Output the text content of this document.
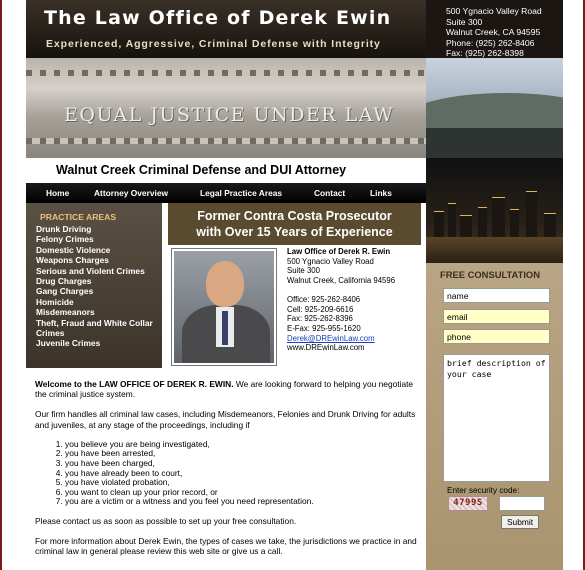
The Law Office of Derek Ewin
Experienced, Aggressive, Criminal Defense with Integrity
500 Ygnacio Valley Road
Suite 300
Walnut Creek, CA 94595
Phone: (925) 262-8406
Fax: (925) 262-8398
EQUAL JUSTICE UNDER LAW
Walnut Creek Criminal Defense and DUI Attorney
Home	Attorney Overview	Legal Practice Areas	Contact	Links
PRACTICE AREAS
Drunk Driving
Felony Crimes
Domestic Violence
Weapons Charges
Serious and Violent Crimes
Drug Charges
Gang Charges
Homicide
Misdemeanors
Theft, Fraud and White Collar Crimes
Juvenile Crimes
Former Contra Costa Prosecutor
with Over 15 Years of Experience
Law Office of Derek R. Ewin
500 Ygnacio Valley Road
Suite 300
Walnut Creek, California 94596
Office: 925-262-8406
Cell: 925-209-6616
Fax: 925-262-8396
E-Fax: 925-955-1620
Derek@DREwinLaw.com
www.DREwinLaw.com

Welcome to the LAW OFFICE OF DEREK R. EWIN. We are looking forward to helping you negotiate the criminal justice system.

Our firm handles all criminal law cases, including Misdemeanors, Felonies and Drunk Driving for adults and juveniles, at any stage of the proceedings, including if

1. you believe you are being investigated,
2. you have been arrested,
3. you have been charged,
4. you have already been to court,
5. you have violated probation,
6. you want to clean up your prior record, or
7. you are a victim or a witness and you feel you need representation.

Please contact us as soon as possible to set up your free consultation.

For more information about Derek Ewin, the types of cases we take, the jurisdictions we practice in and criminal law in general please review this web site or give us a call.

FREE CONSULTATION
name
email
phone
brief description of your case
Enter security code:
4799S
Submit
